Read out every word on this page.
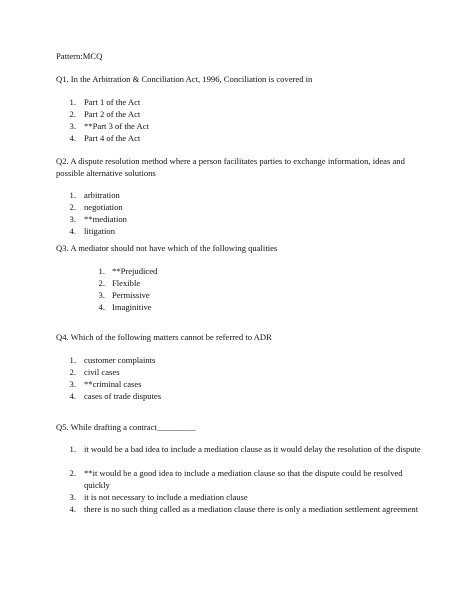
Pattern:MCQ
Q1. In the Arbitration & Conciliation Act, 1996, Conciliation is covered in
1. Part 1 of the Act
2. Part 2 of the Act
3. **Part 3 of the Act
4. Part 4 of the Act
Q2. A dispute resolution method where a person facilitates parties to exchange information, ideas and possible alternative solutions
1. arbitration
2. negotiation
3. **mediation
4. litigation
Q3. A mediator should not have which of the following qualities
1. **Prejudiced
2. Flexible
3. Permissive
4. Imaginitive
Q4. Which of the following matters cannot be referred to ADR
1. customer complaints
2. civil cases
3. **criminal cases
4. cases of trade disputes
Q5. While drafting a contract_________
1. it would be a bad idea to include a mediation clause as it would delay the resolution of the dispute
2. **it would be a good idea to include a mediation clause so that the dispute could be resolved quickly
3. it is not necessary to include a mediation clause
4. there is no such thing called as a mediation clause there is only a mediation settlement agreement
